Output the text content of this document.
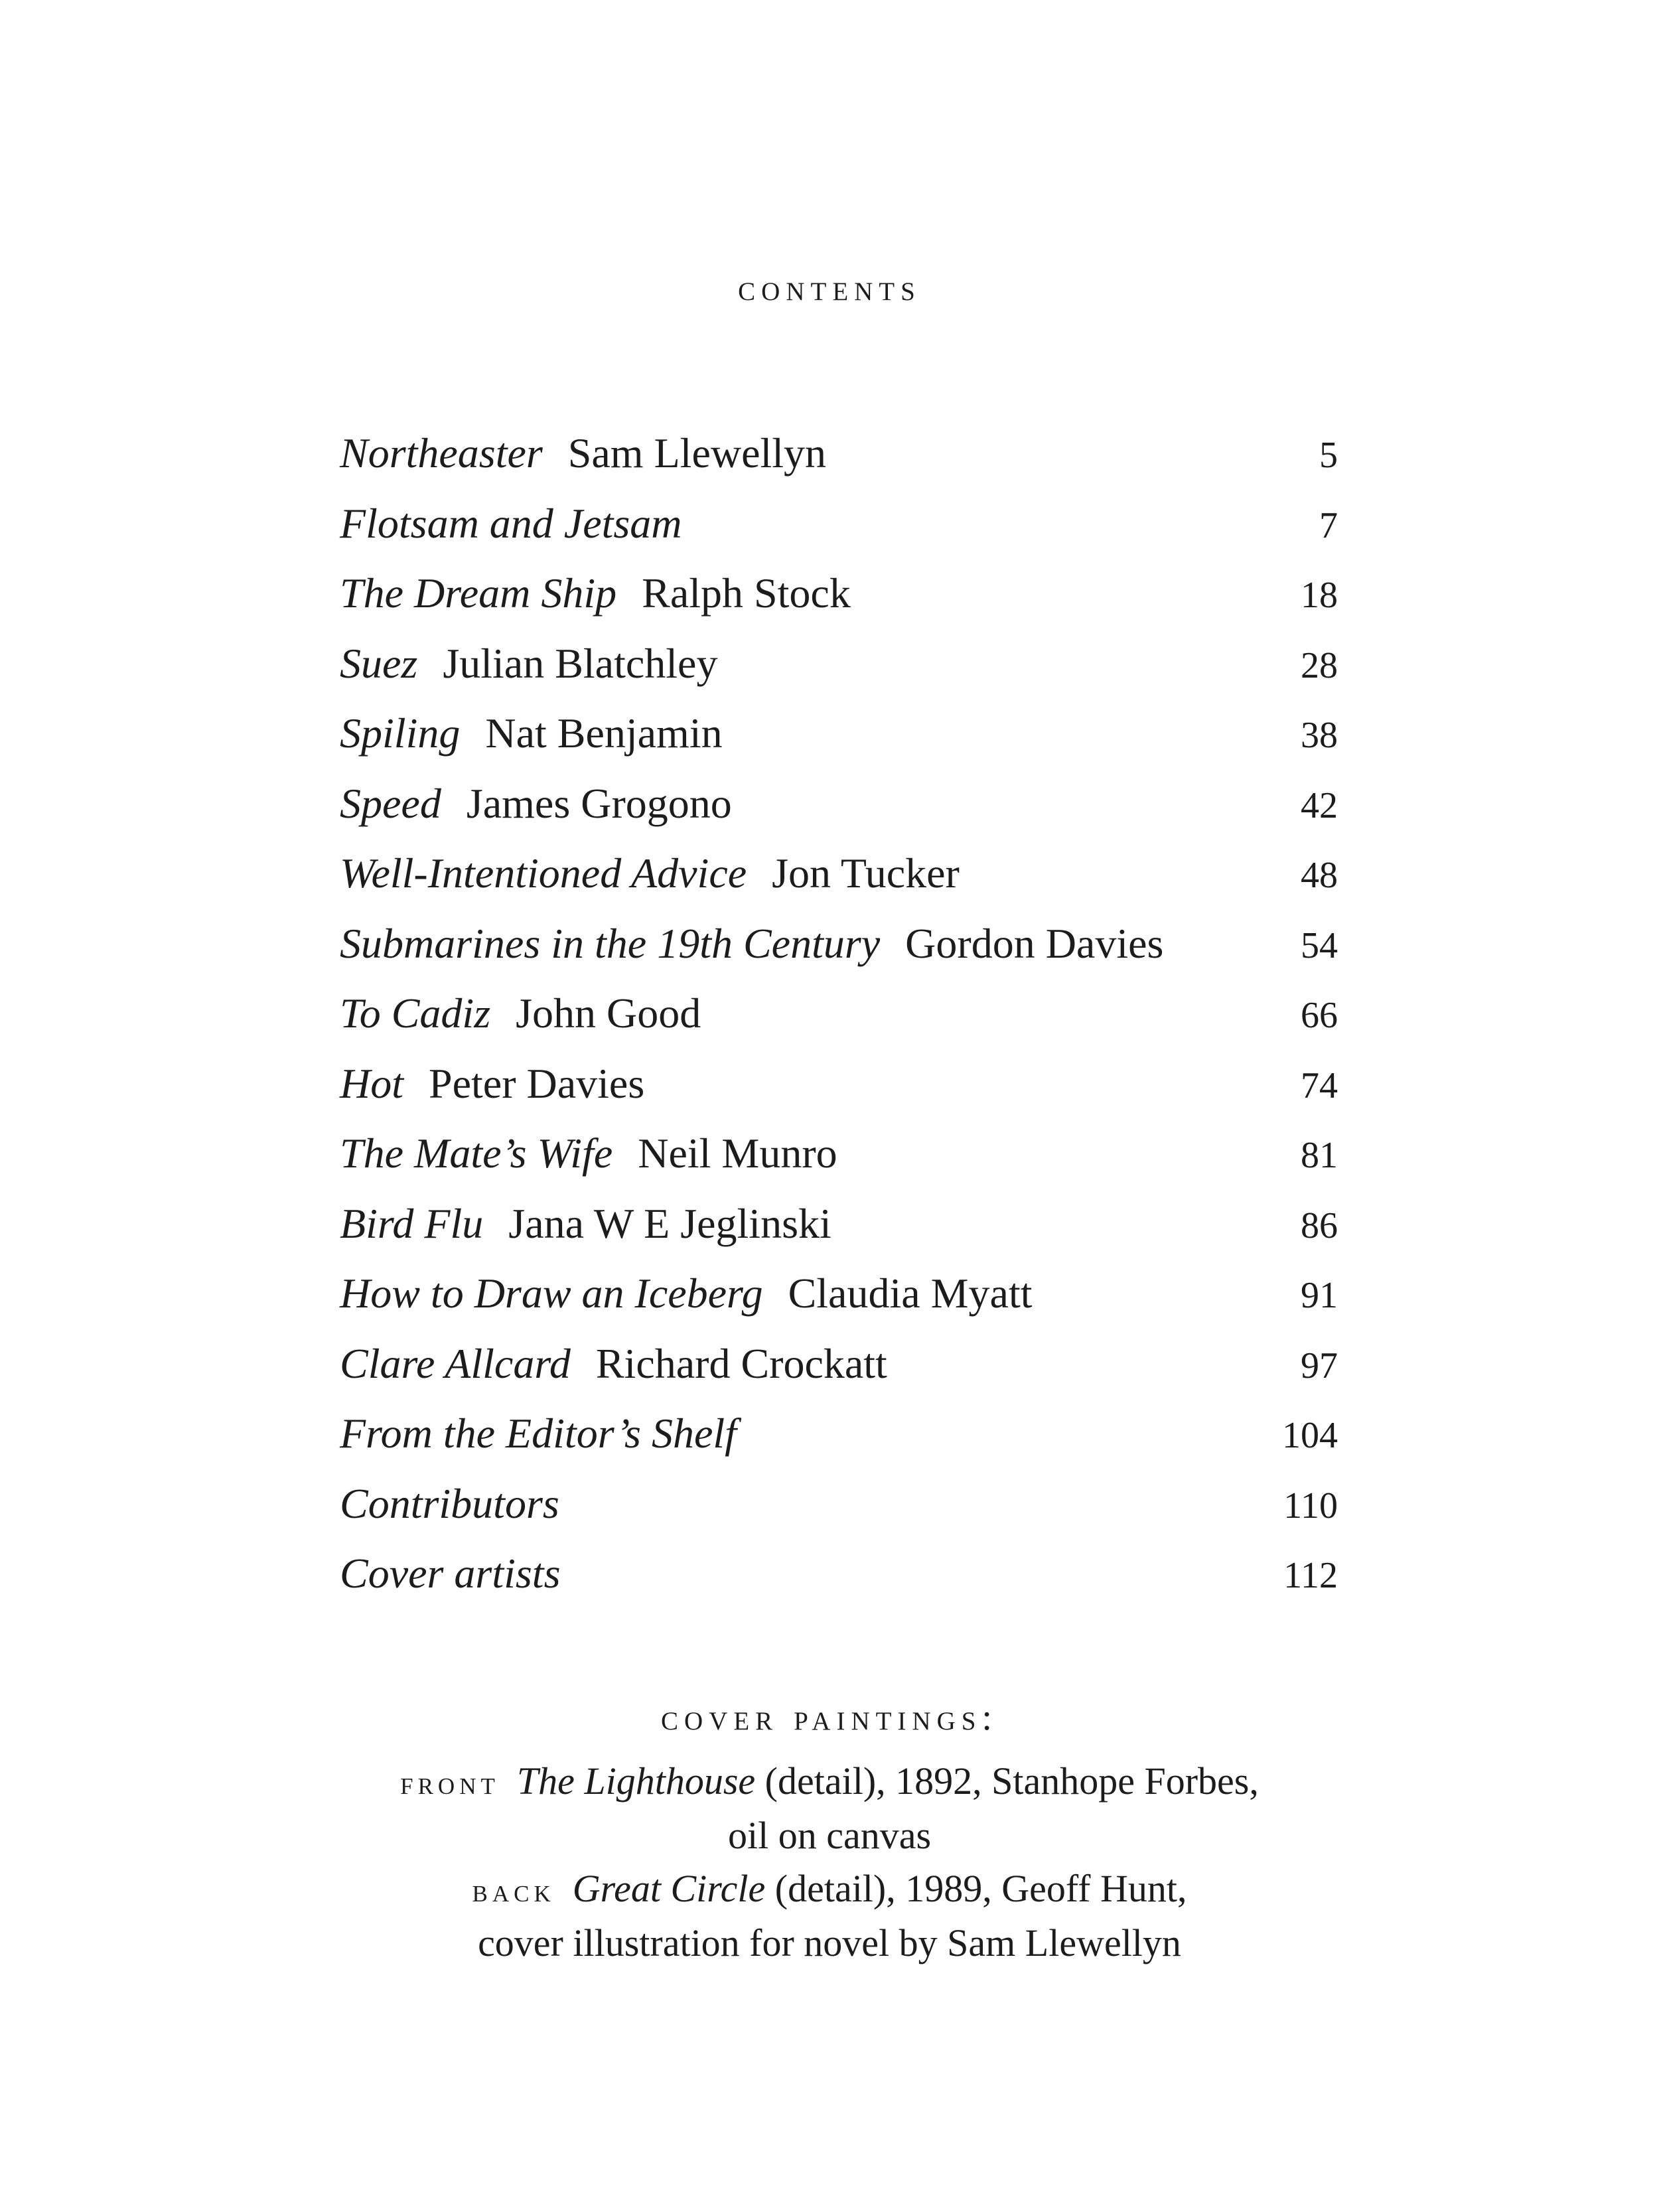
contents
Northeaster Sam Llewellyn	5
Flotsam and Jetsam	7
The Dream Ship Ralph Stock	18
Suez Julian Blatchley	28
Spiling Nat Benjamin	38
Speed James Grogono	42
Well-Intentioned Advice Jon Tucker	48
Submarines in the 19th Century Gordon Davies	54
To Cadiz John Good	66
Hot Peter Davies	74
The Mate’s Wife Neil Munro	81
Bird Flu Jana W E Jeglinski	86
How to Draw an Iceberg Claudia Myatt	91
Clare Allcard Richard Crockatt	97
From the Editor’s Shelf	104
Contributors	110
Cover artists	112
cover paintings:
front The Lighthouse (detail), 1892, Stanhope Forbes,
oil on canvas
back Great Circle (detail), 1989, Geoff Hunt,
cover illustration for novel by Sam Llewellyn
